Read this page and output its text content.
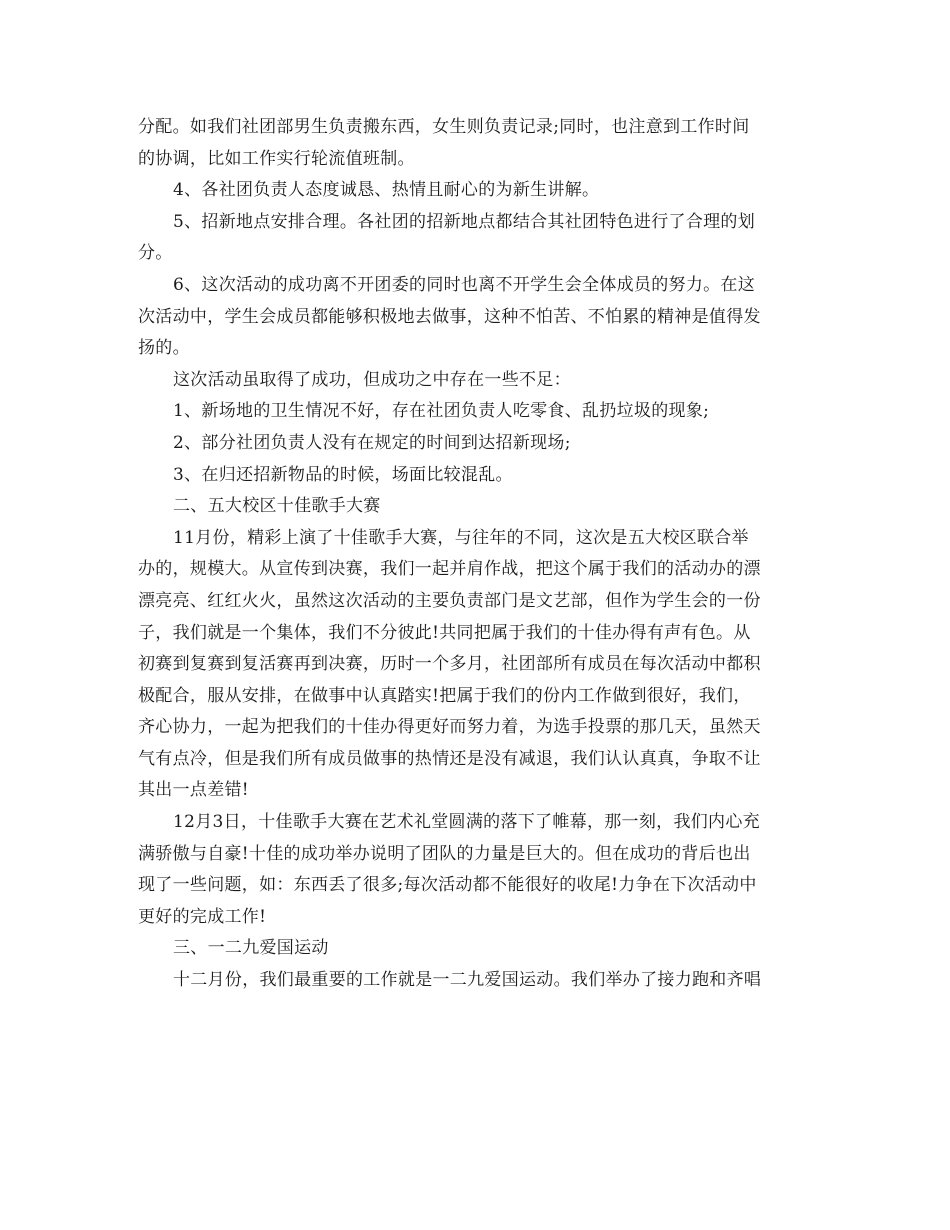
分配。如我们社团部男生负责搬东西，女生则负责记录;同时，也注意到工作时间
的协调，比如工作实行轮流值班制。
4、各社团负责人态度诚恳、热情且耐心的为新生讲解。
5、招新地点安排合理。各社团的招新地点都结合其社团特色进行了合理的划
分。
6、这次活动的成功离不开团委的同时也离不开学生会全体成员的努力。在这
次活动中，学生会成员都能够积极地去做事，这种不怕苦、不怕累的精神是值得发
扬的。
这次活动虽取得了成功，但成功之中存在一些不足：
1、新场地的卫生情况不好，存在社团负责人吃零食、乱扔垃圾的现象;
2、部分社团负责人没有在规定的时间到达招新现场;
3、在归还招新物品的时候，场面比较混乱。
二、五大校区十佳歌手大赛
11月份，精彩上演了十佳歌手大赛，与往年的不同，这次是五大校区联合举
办的，规模大。从宣传到决赛，我们一起并肩作战，把这个属于我们的活动办的漂
漂亮亮、红红火火，虽然这次活动的主要负责部门是文艺部，但作为学生会的一份
子，我们就是一个集体，我们不分彼此!共同把属于我们的十佳办得有声有色。从
初赛到复赛到复活赛再到决赛，历时一个多月，社团部所有成员在每次活动中都积
极配合，服从安排，在做事中认真踏实!把属于我们的份内工作做到很好，我们，
齐心协力，一起为把我们的十佳办得更好而努力着，为选手投票的那几天，虽然天
气有点冷，但是我们所有成员做事的热情还是没有减退，我们认认真真，争取不让
其出一点差错!
12月3日，十佳歌手大赛在艺术礼堂圆满的落下了帷幕，那一刻，我们内心充
满骄傲与自豪!十佳的成功举办说明了团队的力量是巨大的。但在成功的背后也出
现了一些问题，如：东西丢了很多;每次活动都不能很好的收尾!力争在下次活动中
更好的完成工作!
三、一二九爱国运动
十二月份，我们最重要的工作就是一二九爱国运动。我们举办了接力跑和齐唱
